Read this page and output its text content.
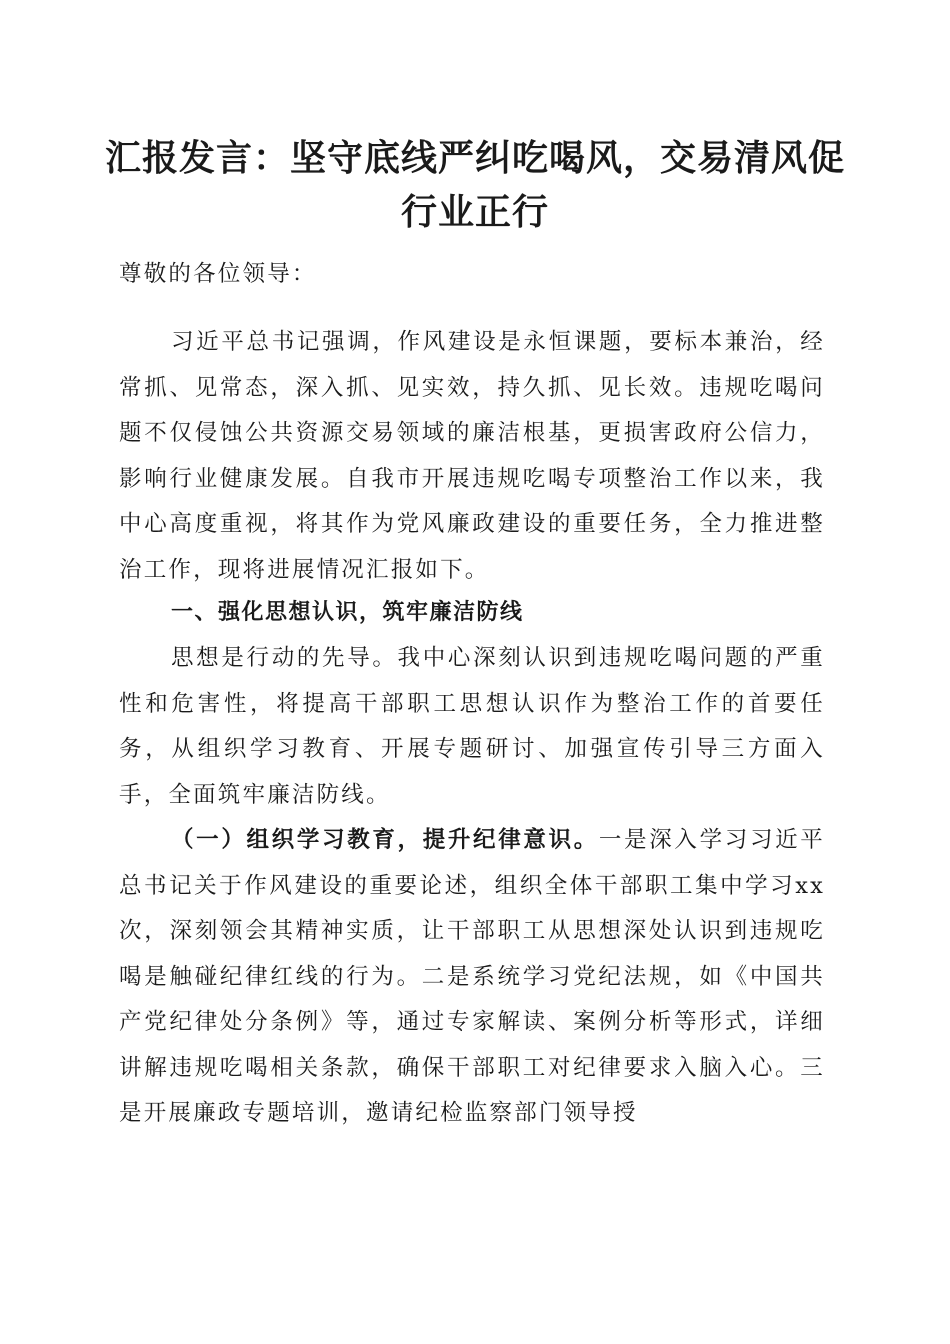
汇报发言：坚守底线严纠吃喝风，交易清风促
行业正行
尊敬的各位领导：
习近平总书记强调，作风建设是永恒课题，要标本兼治，经常抓、见常态，深入抓、见实效，持久抓、见长效。违规吃喝问题不仅侵蚀公共资源交易领域的廉洁根基，更损害政府公信力，影响行业健康发展。自我市开展违规吃喝专项整治工作以来，我中心高度重视，将其作为党风廉政建设的重要任务，全力推进整治工作，现将进展情况汇报如下。
一、强化思想认识，筑牢廉洁防线
思想是行动的先导。我中心深刻认识到违规吃喝问题的严重性和危害性，将提高干部职工思想认识作为整治工作的首要任务，从组织学习教育、开展专题研讨、加强宣传引导三方面入手，全面筑牢廉洁防线。
（一）组织学习教育，提升纪律意识。一是深入学习习近平总书记关于作风建设的重要论述，组织全体干部职工集中学习xx次，深刻领会其精神实质，让干部职工从思想深处认识到违规吃喝是触碰纪律红线的行为。二是系统学习党纪法规，如《中国共产党纪律处分条例》等，通过专家解读、案例分析等形式，详细讲解违规吃喝相关条款，确保干部职工对纪律要求入脑入心。三是开展廉政专题培训，邀请纪检监察部门领导授
